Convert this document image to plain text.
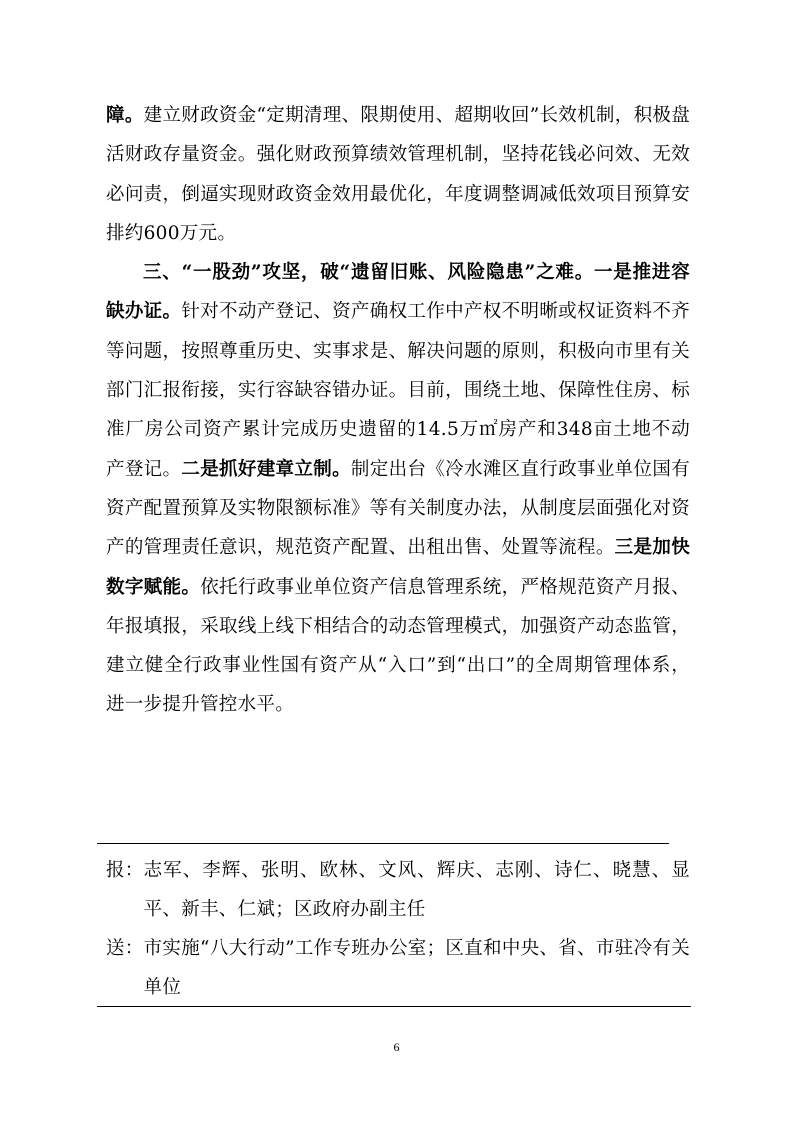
障。建立财政资金“定期清理、限期使用、超期收回”长效机制，积极盘活财政存量资金。强化财政预算绩效管理机制，坚持花钱必问效、无效必问责，倒逼实现财政资金效用最优化，年度调整调减低效项目预算安排约600万元。

三、“一股劲”攻坚，破“遗留旧账、风险隐患”之难。一是推进容缺办证。针对不动产登记、资产确权工作中产权不明晰或权证资料不齐等问题，按照尊重历史、实事求是、解决问题的原则，积极向市里有关部门汇报衔接，实行容缺容错办证。目前，围绕土地、保障性住房、标准厂房公司资产累计完成历史遗留的14.5万㎡房产和348亩土地不动产登记。二是抓好建章立制。制定出台《冷水滩区直行政事业单位国有资产配置预算及实物限额标准》等有关制度办法，从制度层面强化对资产的管理责任意识，规范资产配置、出租出售、处置等流程。三是加快数字赋能。依托行政事业单位资产信息管理系统，严格规范资产月报、年报填报，采取线上线下相结合的动态管理模式，加强资产动态监管，建立健全行政事业性国有资产从“入口”到“出口”的全周期管理体系，进一步提升管控水平。

报： 志军、李辉、张明、欧林、文风、辉庆、志刚、诗仁、晓慧、显平、新丰、仁斌；区政府办副主任
送： 市实施“八大行动”工作专班办公室；区直和中央、省、市驻冷有关单位
6
